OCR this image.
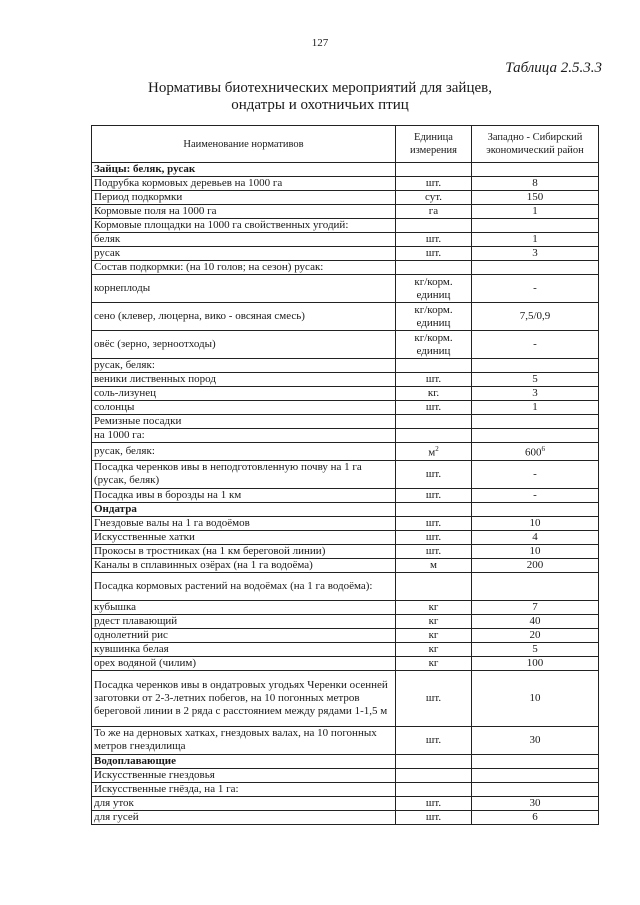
127
Таблица 2.5.3.3
Нормативы биотехнических мероприятий для зайцев,
ондатры и охотничьих птиц
Наименование нормативов	Единица измерения	Западно - Сибирский экономический район
Зайцы: беляк, русак		
Подрубка кормовых деревьев на 1000 га	шт.	8
Период подкормки	сут.	150
Кормовые поля на 1000 га	га	1
Кормовые площадки на 1000 га свойственных угодий:		
беляк	шт.	1
русак	шт.	3
Состав подкормки: (на 10 голов; на сезон) русак:		
корнеплоды	кг/корм. единиц	-
сено (клевер, люцерна, вико - овсяная смесь)	кг/корм. единиц	7,5/0,9
овёс (зерно, зерноотходы)	кг/корм. единиц	-
русак, беляк:		
веники лиственных пород	шт.	5
соль-лизунец	кг.	3
солонцы	шт.	1
Ремизные посадки		
на 1000 га:		
русак, беляк:	$м^2$	$600^6$
Посадка черенков ивы в неподготовленную почву на 1 га (русак, беляк)	шт.	-
Посадка ивы в борозды на 1 км	шт.	-
Ондатра		
Гнездовые валы на 1 га водоёмов	шт.	10
Искусственные хатки	шт.	4
Прокосы в тростниках (на 1 км береговой линии)	шт.	10
Каналы в сплавинных озёрах (на 1 га водоёма)	м	200
Посадка кормовых растений на водоёмах (на 1 га водоёма):		
кубышка	кг	7
рдест плавающий	кг	40
однолетний рис	кг	20
кувшинка белая	кг	5
орех водяной (чилим)	кг	100
Посадка черенков ивы в ондатровых угодьях Черенки осенней заготовки от 2-3-летних побегов, на 10 погонных метров береговой линии в 2 ряда с расстоянием между рядами 1-1,5 м	шт.	10
То же на дерновых хатках, гнездовых валах, на 10 погонных метров гнездилища	шт.	30
Водоплавающие		
Искусственные гнездовья		
Искусственные гнёзда, на 1 га:		
для уток	шт.	30
для гусей	шт.	6
